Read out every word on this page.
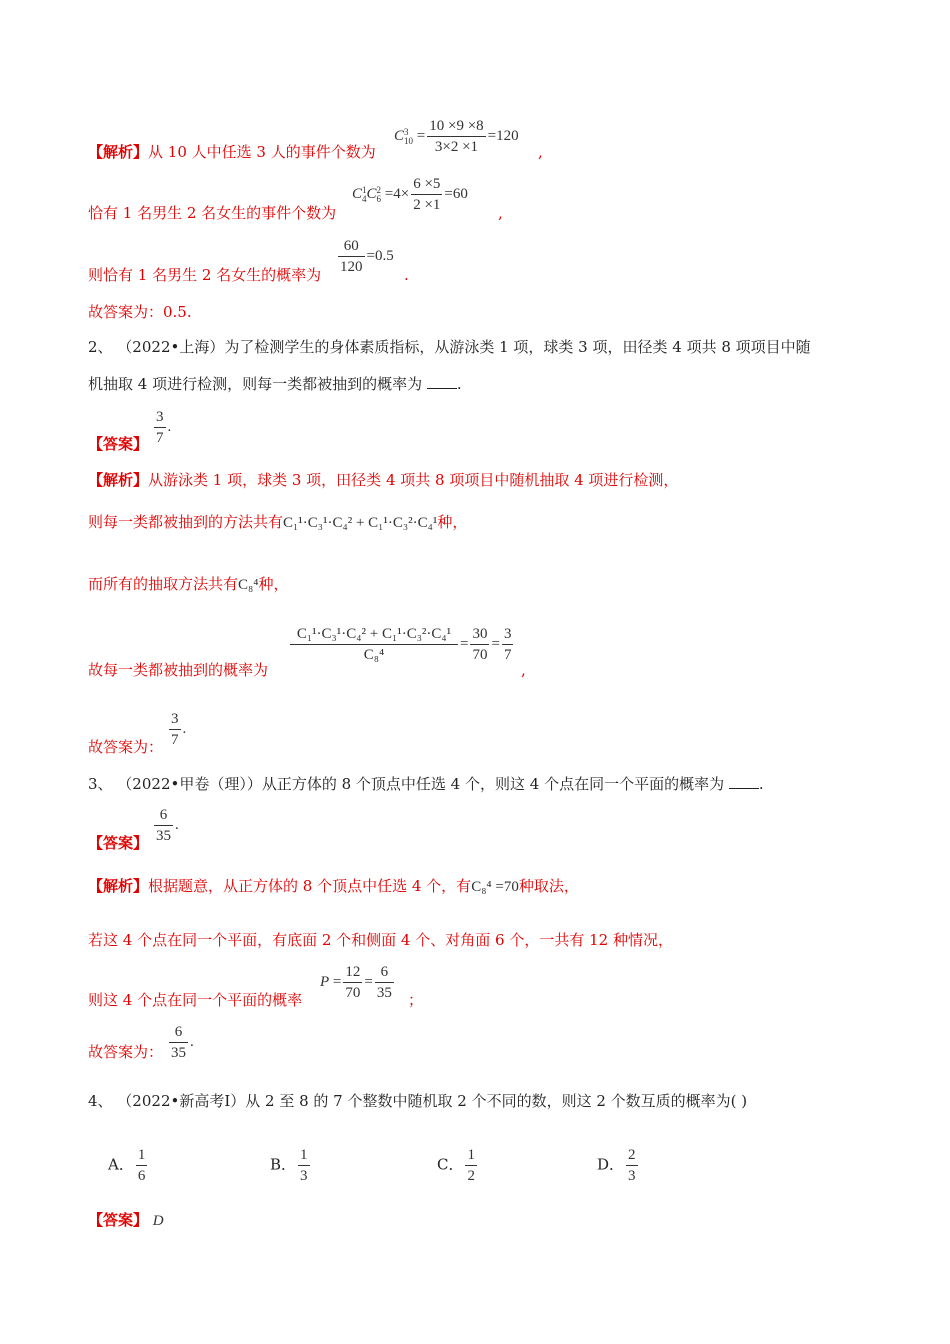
【解析】从 10 人中任选 3 人的事件个数为
C 3
$10 = \frac{10 \times 9 \times 8}{3\times 2 \times 1} =120$
,
恰有 1 名男生 2 名女生的事件个数为
C 1
4 C 2
$6 =4\times \frac{6 \times 5}{2 \times 1} =60$
,
则恰有 1 名男生 2 名女生的概率为 $\frac{60}{120} =0.5$
.
故答案为：0.5.
2、 （2022•上海）为了检测学生的身体素质指标，从游泳类 1 项，球类 3 项，田径类 4 项共 8 项项目中随
机抽取 4 项进行检测，则每一类都被抽到的概率为 .
【答案】 $\frac{3}{7}$ .
【解析】从游泳类 1 项，球类 3 项，田径类 4 项共 8 项项目中随机抽取 4 项进行检测，
则每一类都被抽到的方法共有C₁¹·C₃¹·C₄² + C₁¹·C₃²·C₄¹种，
而所有的抽取方法共有C₈⁴种，
故每一类都被抽到的概率为
$\frac{\text{C₁¹·C₃¹·C₄² + C₁¹·C₃²·C₄¹}}{\text{C₈⁴}} = \frac{30}{70} = \frac{3}{7}$
,
故答案为： $\frac{3}{7}$ .
3、 （2022•甲卷（理））从正方体的 8 个顶点中任选 4 个，则这 4 个点在同一个平面的概率为 .
【答案】 $\frac{6}{35}$ .
【解析】根据题意，从正方体的 8 个顶点中任选 4 个，有C₈⁴ =70种取法，
若这 4 个点在同一个平面，有底面 2 个和侧面 4 个、对角面 6 个，一共有 12 种情况，
则这 4 个点在同一个平面的概率
$P = \frac{12}{70} = \frac{6}{35}$ ；
故答案为： $\frac{6}{35}$ .
4、 （2022•新高考Ⅰ）从 2 至 8 的 7 个整数中随机取 2 个不同的数，则这 2 个数互质的概率为( )
A． $\frac{1}{6}$	B． $\frac{1}{3}$	C． $\frac{1}{2}$	D． $\frac{2}{3}$
【答案】 D
